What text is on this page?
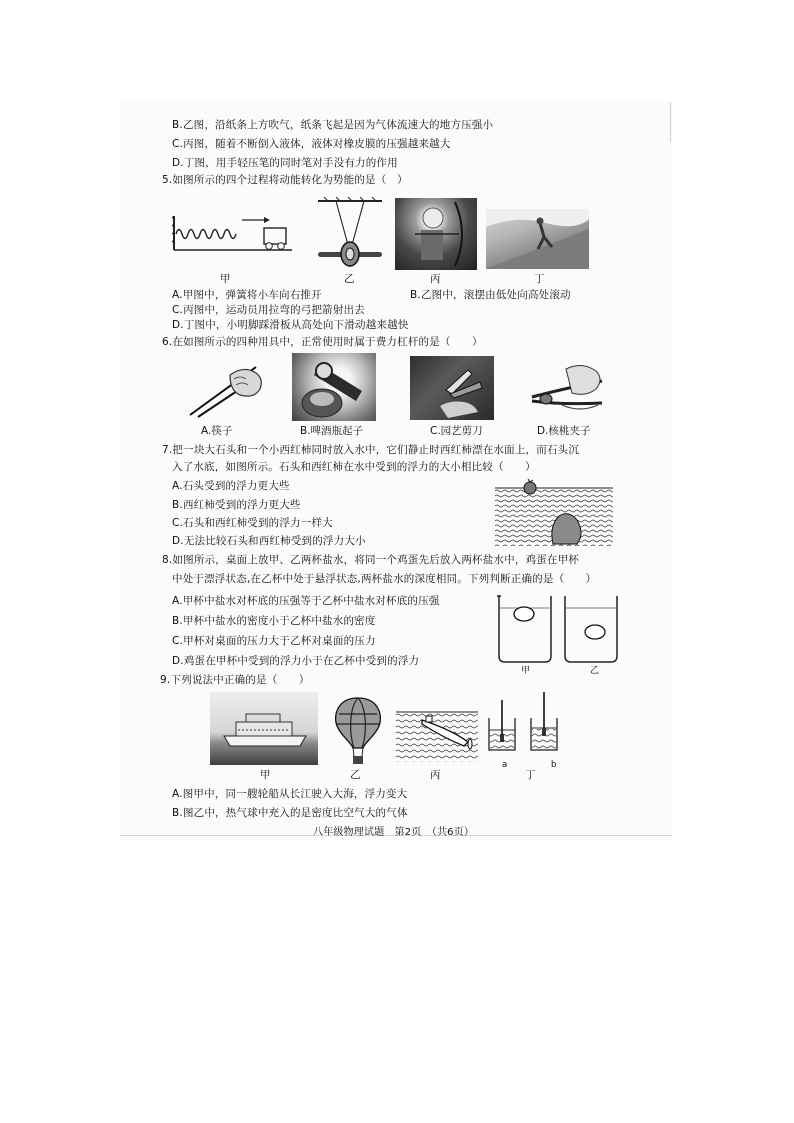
B.乙图，沿纸条上方吹气，纸条飞起是因为气体流速大的地方压强小
C.丙图，随着不断倒入液体，液体对橡皮膜的压强越来越大
D.丁图，用手轻压笔的同时笔对手没有力的作用
5.如图所示的四个过程将动能转化为势能的是（　）
甲	乙	丙	丁
A.甲图中，弹簧将小车向右推开	B.乙图中，滚摆由低处向高处滚动
C.丙图中，运动员用拉弯的弓把箭射出去
D.丁图中，小明脚踩滑板从高处向下滑动越来越快
6.在如图所示的四种用具中，正常使用时属于费力杠杆的是（　　）
A.筷子	B.啤酒瓶起子	C.园艺剪刀	D.核桃夹子
7.把一块大石头和一个小西红柿同时放入水中，它们静止时西红柿漂在水面上，而石头沉
入了水底，如图所示。石头和西红柿在水中受到的浮力的大小相比较（　　）
A.石头受到的浮力更大些
B.西红柿受到的浮力更大些
C.石头和西红柿受到的浮力一样大
D.无法比较石头和西红柿受到的浮力大小
8.如图所示，桌面上放甲、乙两杯盐水，将同一个鸡蛋先后放入两杯盐水中，鸡蛋在甲杯
中处于漂浮状态,在乙杯中处于悬浮状态,两杯盐水的深度相同。下列判断正确的是（　　）
A.甲杯中盐水对杯底的压强等于乙杯中盐水对杯底的压强
B.甲杯中盐水的密度小于乙杯中盐水的密度
C.甲杯对桌面的压力大于乙杯对桌面的压力
D.鸡蛋在甲杯中受到的浮力小于在乙杯中受到的浮力
甲	乙
9.下列说法中正确的是（　　）
a	b
甲	乙	丙	丁
A.图甲中，同一艘轮船从长江驶入大海，浮力变大
B.图乙中，热气球中充入的是密度比空气大的气体
八年级物理试题　第2页　（共6页）
